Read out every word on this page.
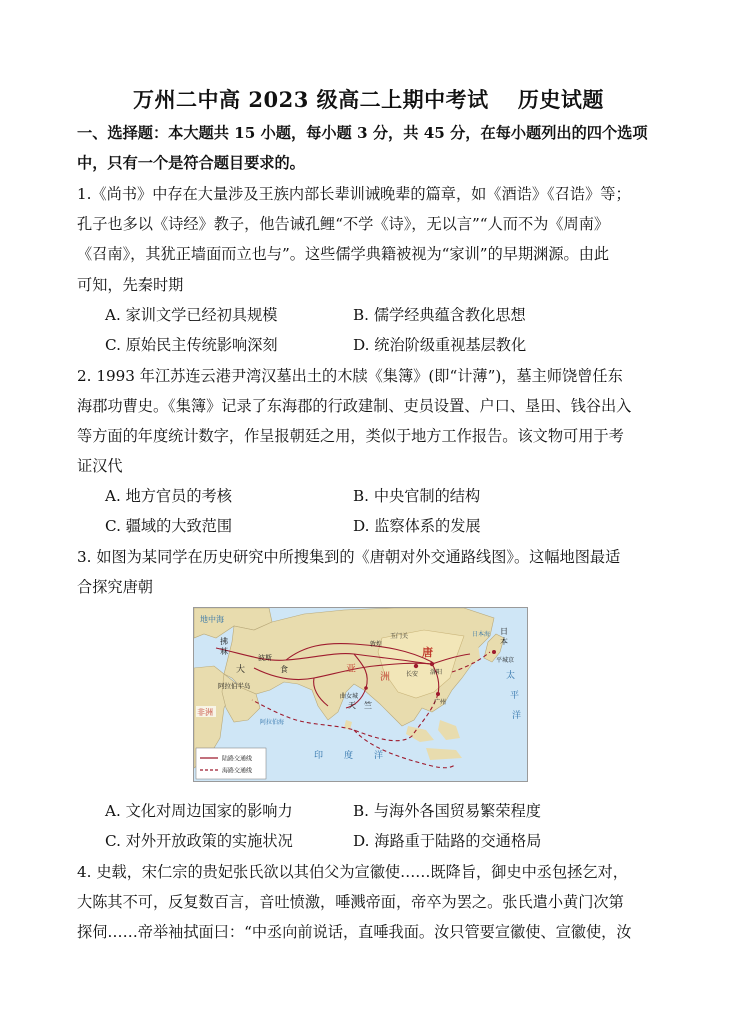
万州二中高 2023 级高二上期中考试　 历史试题
一、选择题：本大题共 15 小题，每小题 3 分，共 45 分，在每小题列出的四个选项
中，只有一个是符合题目要求的。
1.《尚书》中存在大量涉及王族内部长辈训诫晚辈的篇章，如《酒诰》《召诰》等；
孔子也多以《诗经》教子，他告诫孔鲤“不学《诗》，无以言”“人而不为《周南》
《召南》，其犹正墙面而立也与”。这些儒学典籍被视为“家训”的早期渊源。由此
可知，先秦时期
A. 家训文学已经初具规模	B. 儒学经典蕴含教化思想
C. 原始民主传统影响深刻	D. 统治阶级重视基层教化
2. 1993 年江苏连云港尹湾汉墓出土的木牍《集簿》(即“计薄”)，墓主师饶曾任东
海郡功曹史。《集簿》记录了东海郡的行政建制、吏员设置、户口、垦田、钱谷出入
等方面的年度统计数字，作呈报朝廷之用，类似于地方工作报告。该文物可用于考
证汉代
A. 地方官员的考核	B. 中央官制的结构
C. 疆域的大致范围	D. 监察体系的发展
3. 如图为某同学在历史研究中所搜集到的《唐朝对外交通路线图》。这幅地图最适
合探究唐朝
地中海
拂
菻
大	食
波斯
亚
洲
阿拉伯半岛
非洲
阿拉伯海
曲女城
天 竺
唐
长安 洛阳
玉门关
敦煌
广州
日本海 日
本
平城京
太
平
洋
印 度 洋
陆路交通线
海路交通线
A. 文化对周边国家的影响力	B. 与海外各国贸易繁荣程度
C. 对外开放政策的实施状况	D. 海路重于陆路的交通格局
4. 史载，宋仁宗的贵妃张氏欲以其伯父为宣徽使……既降旨，御史中丞包拯乞对，
大陈其不可，反复数百言，音吐愤激，唾溅帝面，帝卒为罢之。张氏遣小黄门次第
探伺……帝举袖拭面曰：“中丞向前说话，直唾我面。汝只管要宣徽使、宣徽使，汝
